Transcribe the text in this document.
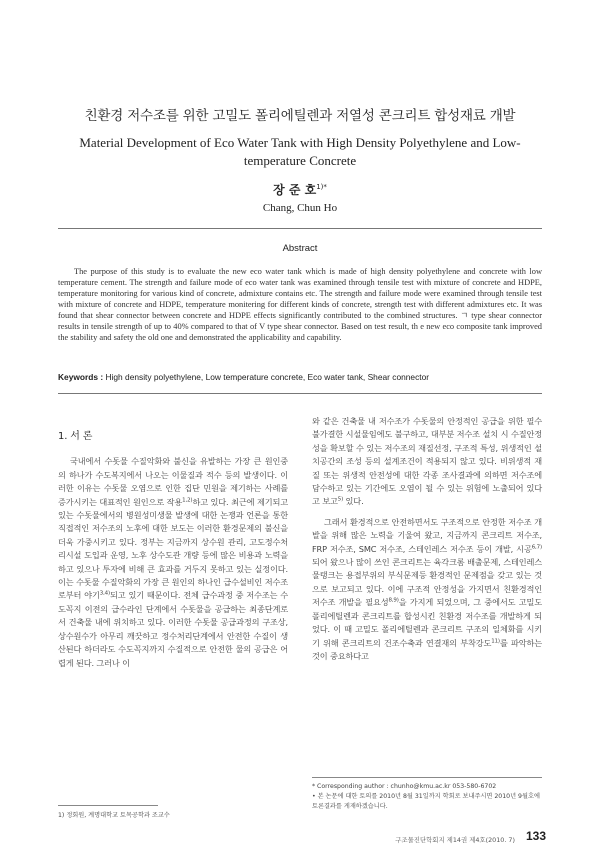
친환경 저수조를 위한 고밀도 폴리에틸렌과 저열성 콘크리트 합성재료 개발
Material Development of Eco Water Tank with High Density Polyethylene and Low-temperature Concrete
장 준 호$^{1)*}$
Chang, Chun Ho
Abstract
The purpose of this study is to evaluate the new eco water tank which is made of high density polyethylene and concrete with low temperature cement. The strength and failure mode of eco water tank was examined through tensile test with mixture of concrete and HDPE, temperature monitoring for various kind of concrete, admixture contains etc. The strength and failure mode were examined through tensile test with mixture of concrete and HDPE, temperature monitering for different kinds of concrete, strength test with different admixtures etc. It was found that shear connector between concrete and HDPE effects significantly contributed to the combined structures. ㄱ type shear connector results in tensile strength of up to 40% compared to that of V type shear connector. Based on test result, th e new eco composite tank improved the stability and safety the old one and demonstrated the applicability and capability.
Keywords : High density polyethylene, Low temperature concrete, Eco water tank, Shear connector
1. 서 론
국내에서 수돗물 수질악화와 불신을 유발하는 가장 큰 원인중의 하나가 수도복지에서 나오는 이물질과 적수 등의 발생이다. 이러한 이유는 수돗물 오염으로 인한 집단 민원을 제기하는 사례를 증가시키는 대표적인 원인으로 작용$^{1,2)}$하고 있다. 최근에 제기되고 있는 수돗물에서의 병원성미생물 발생에 대한 논쟁과 언론을 통한 직접적인 저수조의 노후에 대한 보도는 이러한 환경문제의 불신을 더욱 가중시키고 있다. 정부는 지금까지 상수원 관리, 고도정수처리시설 도입과 운영, 노후 상수도관 개량 등에 많은 비용과 노력을 하고 있으나 투자에 비해 큰 효과를 거두지 못하고 있는 실정이다. 이는 수돗물 수질악화의 가장 큰 원인의 하나인 급수설비인 저수조로부터 야기$^{3,4)}$되고 있기 때문이다. 전체 급수과정 중 저수조는 수도꼭지 이전의 급수라인 단계에서 수돗물을 공급하는 최종단계로서 건축물 내에 위치하고 있다. 이러한 수돗물 공급과정의 구조상, 상수원수가 아무리 깨끗하고 정수처리단계에서 안전한 수질이 생산된다 하더라도 수도꼭지까지 수질적으로 안전한 물의 공급은 어렵게 된다. 그러나 이
와 같은 건축물 내 저수조가 수돗물의 안정적인 공급을 위한 필수불가결한 시설물임에도 불구하고, 대부분 저수조 설치 시 수질안정성을 확보할 수 있는 저수조의 재질선정, 구조적 특성, 위생적인 설치공간의 조성 등의 설계조건이 적용되지 않고 있다. 비위생적 재질 또는 위생적 안전성에 대한 각종 조사결과에 의하면 저수조에 담수하고 있는 기간에도 오염이 될 수 있는 위험에 노출되어 있다고 보고$^{5)}$ 있다.
그래서 환경적으로 안전하면서도 구조적으로 안정한 저수조 개발을 위해 많은 노력을 기울여 왔고, 지금까지 콘크리트 저수조, FRP 저수조, SMC 저수조, 스테인레스 저수조 등이 개발, 시공$^{6,7)}$되어 왔으나 많이 쓰인 콘크리트는 육각크롬 배출문제, 스테인레스 물탱크는 용접부위의 부식문제등 환경적인 문제점을 갖고 있는 것으로 보고되고 있다. 이에 구조적 안정성을 가지면서 친환경적인 저수조 개발을 필요성$^{8,9)}$을 가지게 되었으며, 그 중에서도 고밀도 폴리에틸렌과 콘크리트를 합성시킨 친환경 저수조를 개발하게 되었다. 이 때 고밀도 폴리에틸렌과 콘크리트 구조의 일체화를 시키기 위해 콘크리트의 건조수축과 연결재의 부착강도$^{11)}$를 파악하는 것이 중요하다고
1) 정회원, 계명대학교 토목공학과 조교수
* Corresponding author : chunho@kmu.ac.kr 053-580-6702
• 본 논문에 대한 토의를 2010년 8월 31일까지 학회로 보내주시면 2010년 9월호에 토론결과를 게재하겠습니다.
구조물진단학회지 제14권 제4호(2010. 7) 133
